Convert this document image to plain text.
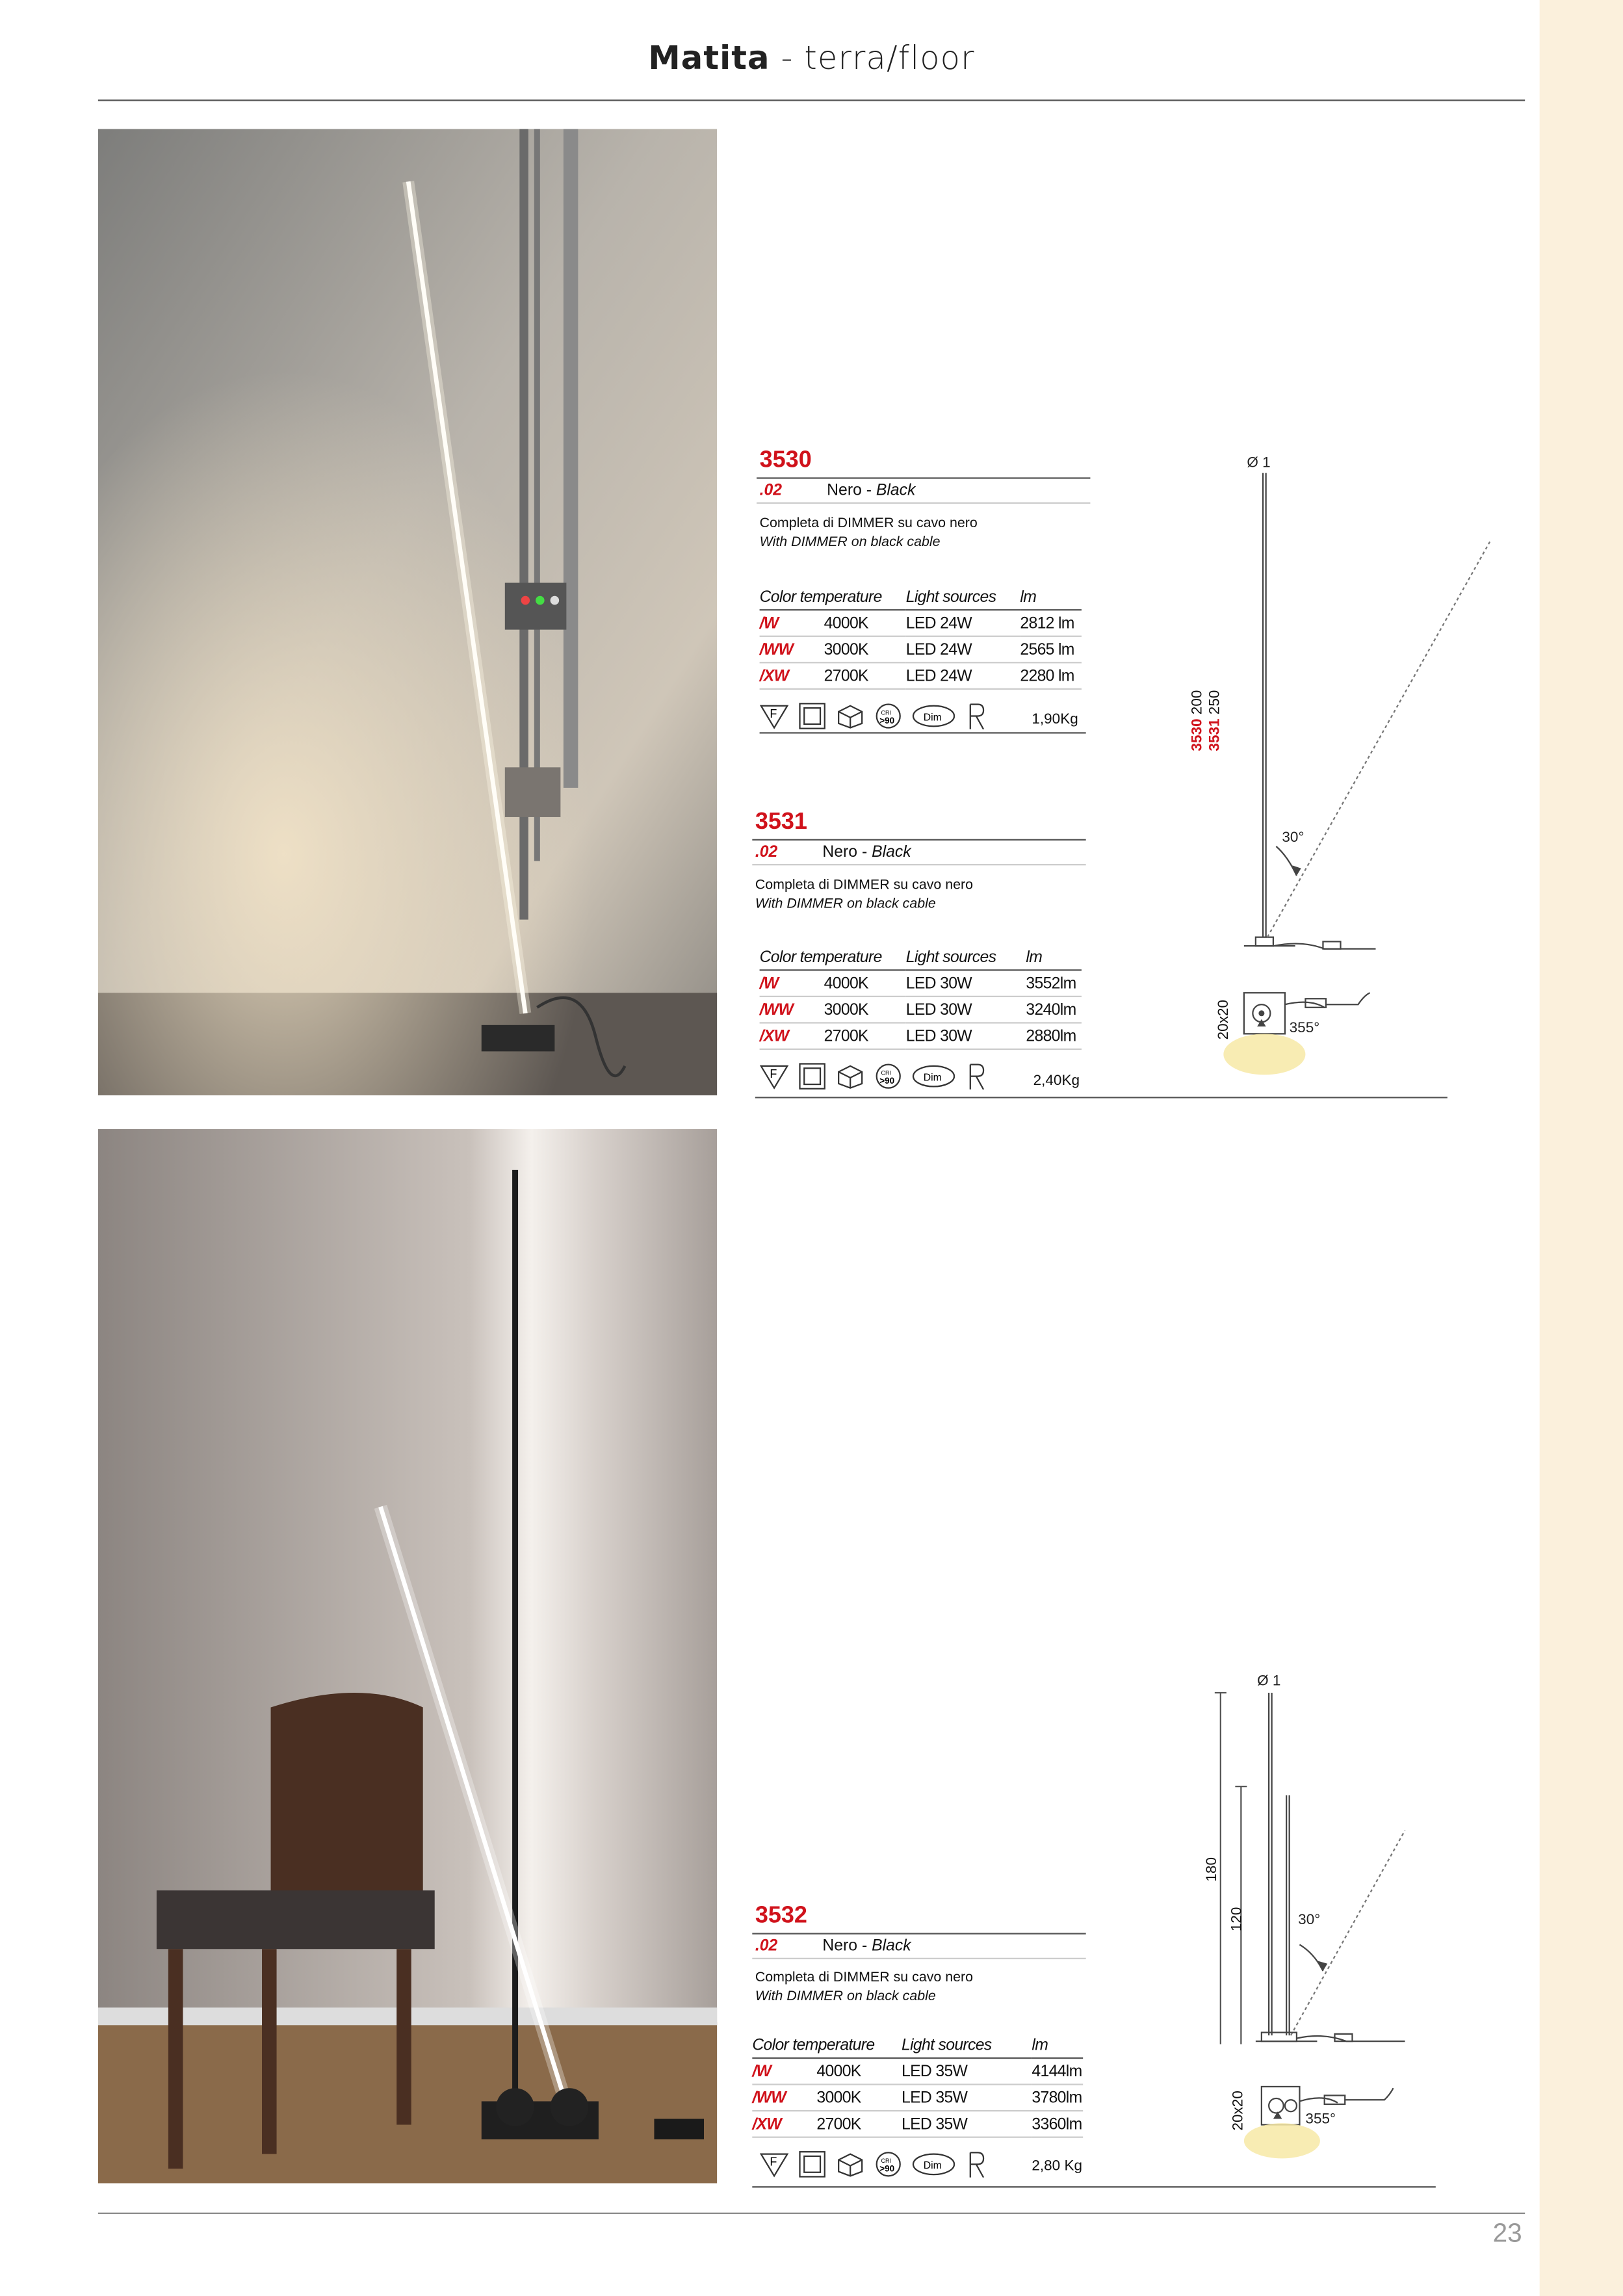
Matita - terra/floor
3530
.02	Nero - Black
Completa di DIMMER su cavo nero
With DIMMER on black cable
Color temperature	Light sources	lm
/W 4000K	LED 24W	2812 lm
/WW 3000K	LED 24W	2565 lm
/XW 2700K	LED 24W	2280 lm
F	CRI
>90	Dim	1,90Kg
3531
.02	Nero - Black
Completa di DIMMER su cavo nero
With DIMMER on black cable
Color temperature	Light sources	lm
/W 4000K	LED 30W	3552lm
/WW 3000K	LED 30W	3240lm
/XW 2700K	LED 30W	2880lm
F	CRI
>90	Dim	2,40Kg
3532
.02	Nero - Black
Completa di DIMMER su cavo nero
With DIMMER on black cable
Color temperature	Light sources	lm
/W 4000K	LED 35W	4144lm
/WW 3000K	LED 35W	3780lm
/XW 2700K	LED 35W	3360lm
F	CRI
>90	Dim	2,80 Kg
Ø 1
3530 200
3531 250
30°
20x20	355°
Ø 1
180
120	30°
20x20	355°
23
